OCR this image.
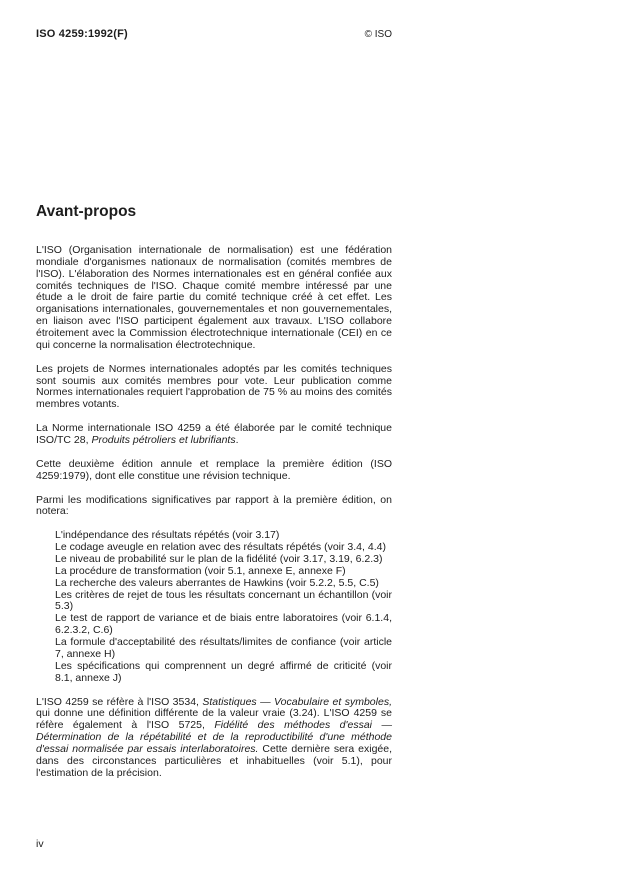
ISO 4259:1992(F)	© ISO
Avant-propos
L'ISO (Organisation internationale de normalisation) est une fédération mondiale d'organismes nationaux de normalisation (comités membres de l'ISO). L'élaboration des Normes internationales est en général confiée aux comités techniques de l'ISO. Chaque comité membre intéressé par une étude a le droit de faire partie du comité technique créé à cet effet. Les organisations internationales, gouvernementales et non gouvernementales, en liaison avec l'ISO participent également aux travaux. L'ISO collabore étroitement avec la Commission électrotechnique internationale (CEI) en ce qui concerne la normalisation électrotechnique.
Les projets de Normes internationales adoptés par les comités techniques sont soumis aux comités membres pour vote. Leur publication comme Normes internationales requiert l'approbation de 75 % au moins des comités membres votants.
La Norme internationale ISO 4259 a été élaborée par le comité technique ISO/TC 28, Produits pétroliers et lubrifiants.
Cette deuxième édition annule et remplace la première édition (ISO 4259:1979), dont elle constitue une révision technique.
Parmi les modifications significatives par rapport à la première édition, on notera:
L'indépendance des résultats répétés (voir 3.17)
Le codage aveugle en relation avec des résultats répétés (voir 3.4, 4.4)
Le niveau de probabilité sur le plan de la fidélité (voir 3.17, 3.19, 6.2.3)
La procédure de transformation (voir 5.1, annexe E, annexe F)
La recherche des valeurs aberrantes de Hawkins (voir 5.2.2, 5.5, C.5)
Les critères de rejet de tous les résultats concernant un échantillon (voir 5.3)
Le test de rapport de variance et de biais entre laboratoires (voir 6.1.4, 6.2.3.2, C.6)
La formule d'acceptabilité des résultats/limites de confiance (voir article 7, annexe H)
Les spécifications qui comprennent un degré affirmé de criticité (voir 8.1, annexe J)
L'ISO 4259 se réfère à l'ISO 3534, Statistiques — Vocabulaire et symboles, qui donne une définition différente de la valeur vraie (3.24). L'ISO 4259 se réfère également à l'ISO 5725, Fidélité des méthodes d'essai — Détermination de la répétabilité et de la reproductibilité d'une méthode d'essai normalisée par essais interlaboratoires. Cette dernière sera exigée, dans des circonstances particulières et inhabituelles (voir 5.1), pour l'estimation de la précision.
iv
